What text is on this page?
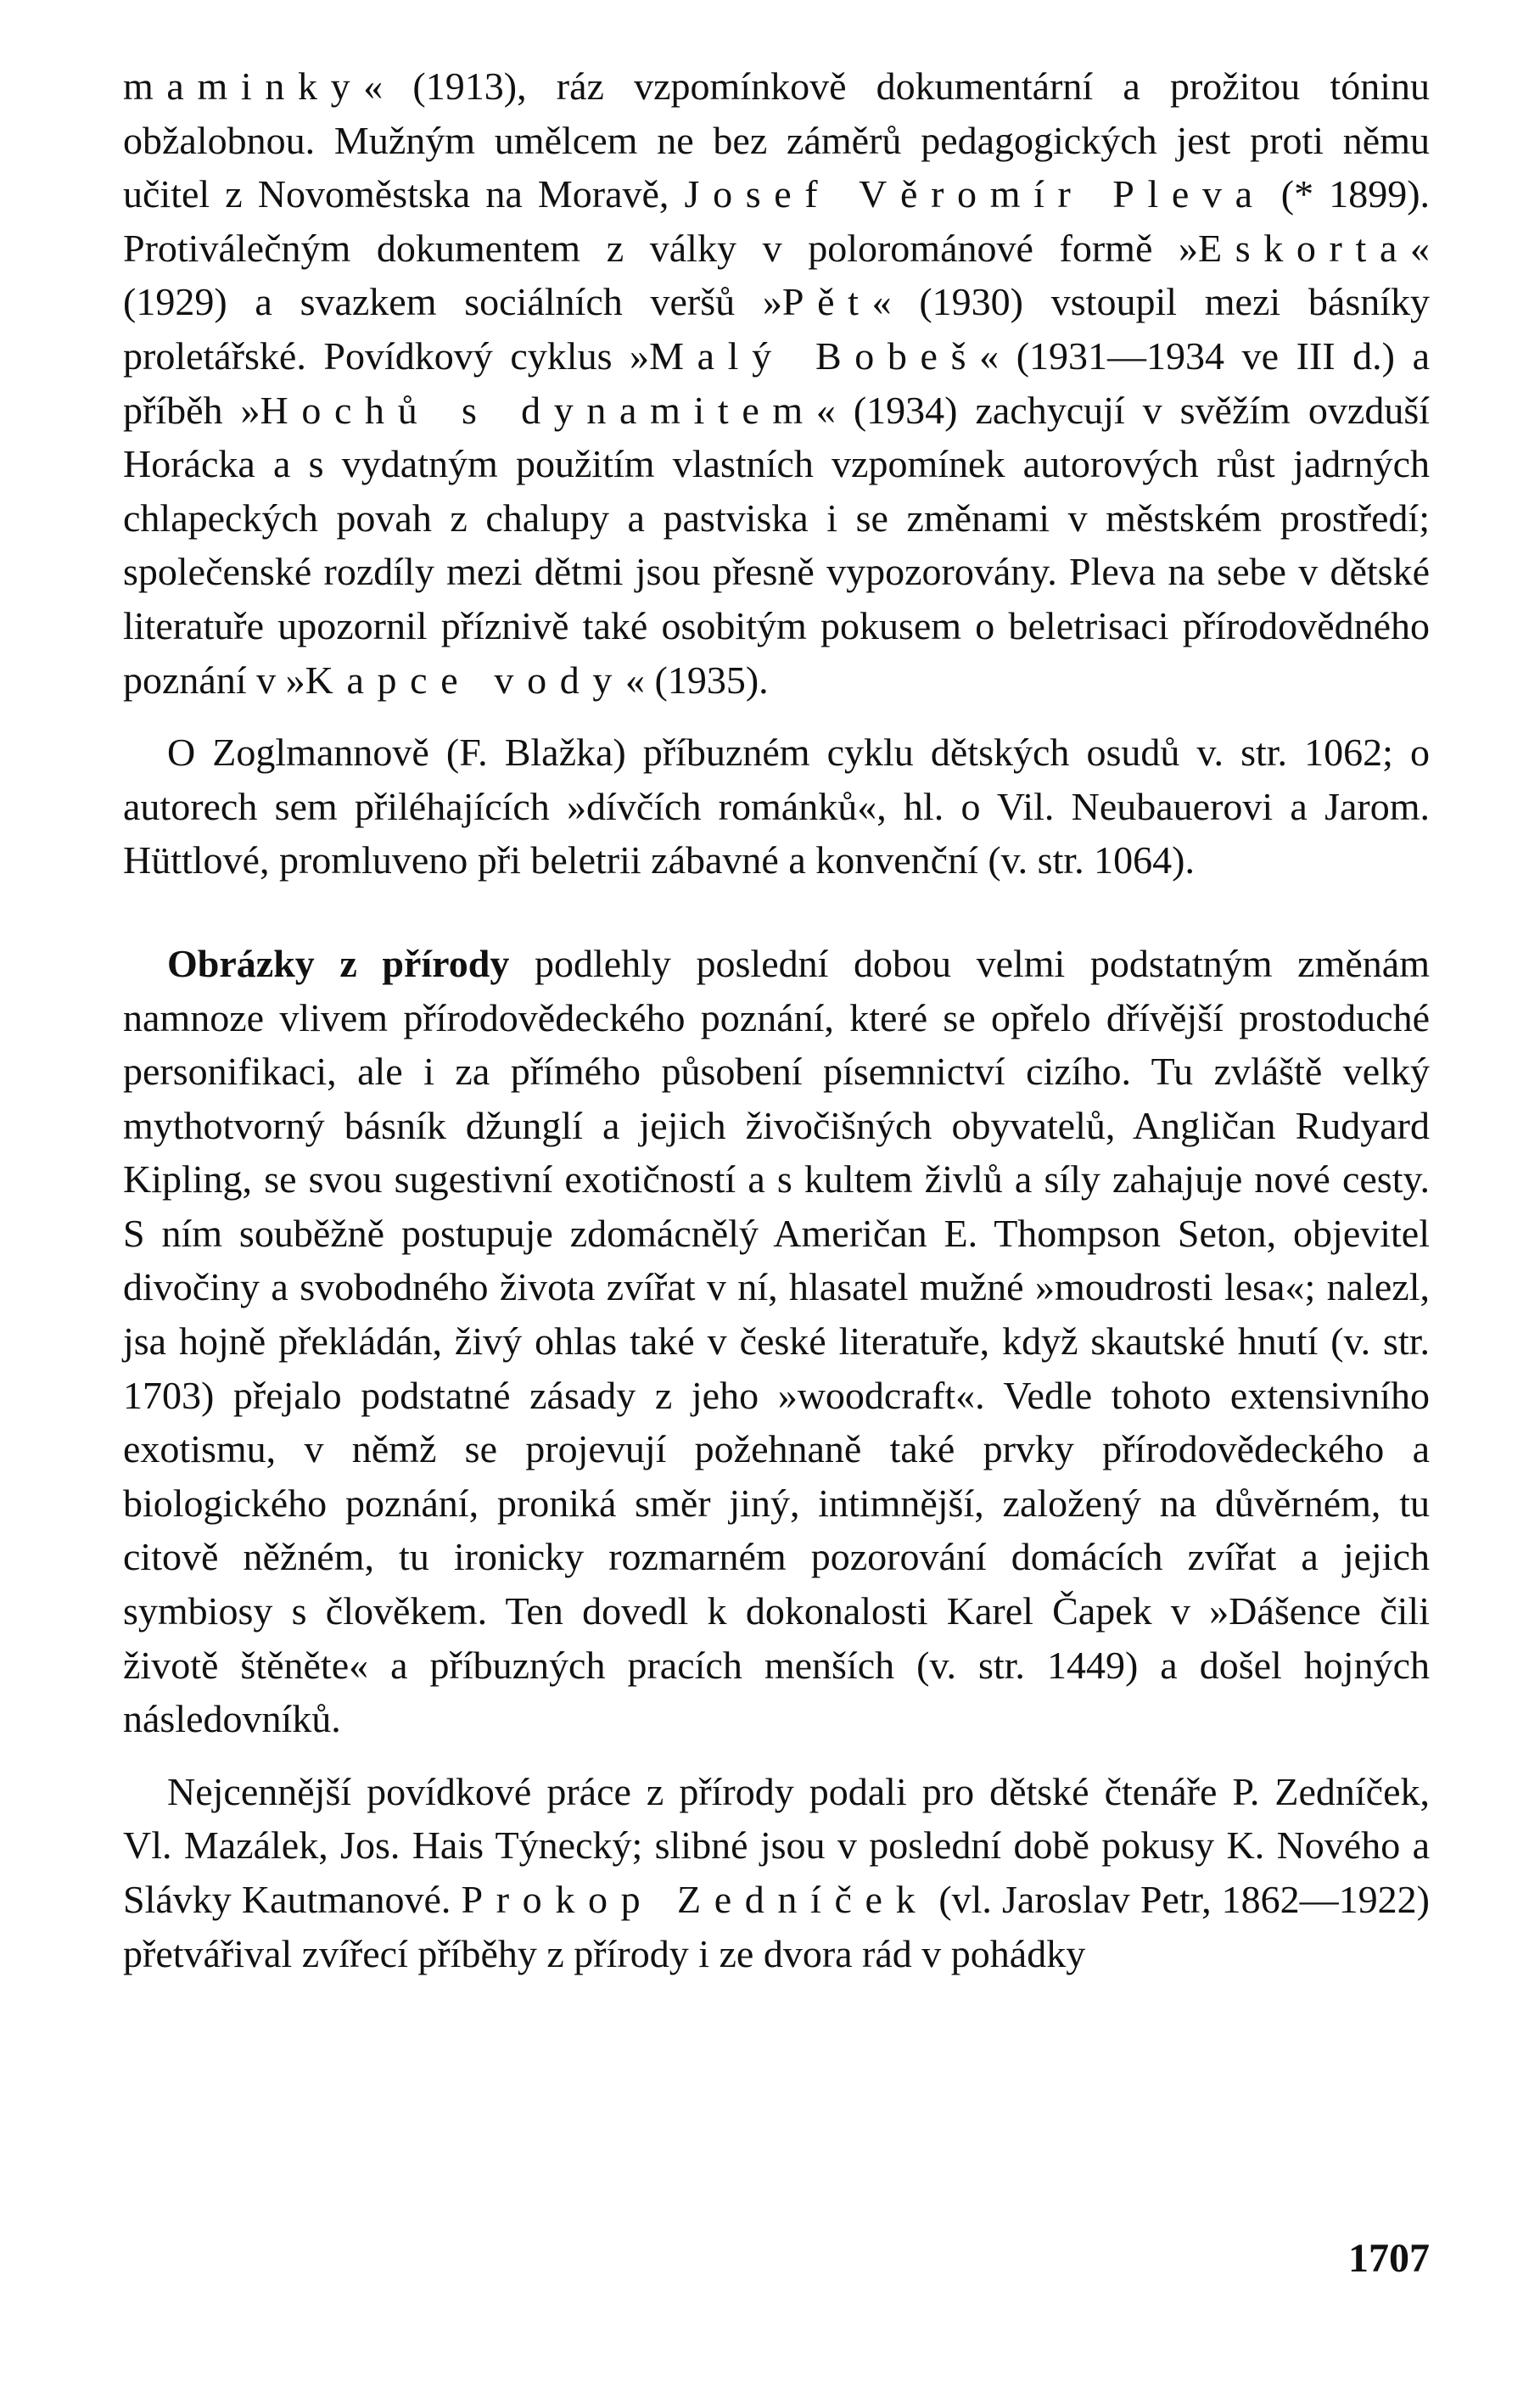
maminky« (1913), ráz vzpomínkově dokumentární a prožitou tóninu obžalobnou. Mužným umělcem ne bez záměrů pedagogických jest proti němu učitel z Novoměstska na Moravě, Josef Věromír Pleva (* 1899). Protiválečným dokumentem z války v polorománové formě »Eskorta« (1929) a svazkem sociálních veršů »Pět« (1930) vstoupil mezi básníky proletářské. Povídkový cyklus »Malý Bobeš« (1931—1934 ve III d.) a příběh »Hochů s dynamitem« (1934) zachycují v svěžím ovzduší Horácka a s vydatným použitím vlastních vzpomínek autorových růst jadrných chlapeckých povah z chalupy a pastviska i se změnami v městském prostředí; společenské rozdíly mezi dětmi jsou přesně vypozorovány. Pleva na sebe v dětské literatuře upozornil příznivě také osobitým pokusem o beletrisaci přírodovědného poznání v »Kapce vody« (1935).

O Zoglmannově (F. Blažka) příbuzném cyklu dětských osudů v. str. 1062; o autorech sem přiléhajících »dívčích románků«, hl. o Vil. Neubauerovi a Jarom. Hüttlové, promluveno při beletrii zábavné a konvenční (v. str. 1064).

Obrázky z přírody podlehly poslední dobou velmi podstatným změnám namnoze vlivem přírodovědeckého poznání, které se opřelo dřívější prostoduché personifikaci, ale i za přímého působení písemnictví cizího. Tu zvláště velký mythotvorný básník džunglí a jejich živočišných obyvatelů, Angličan Rudyard Kipling, se svou sugestivní exotičností a s kultem živlů a síly zahajuje nové cesty. S ním souběžně postupuje zdomácnělý Američan E. Thompson Seton, objevitel divočiny a svobodného života zvířat v ní, hlasatel mužné »moudrosti lesa«; nalezl, jsa hojně překládán, živý ohlas také v české literatuře, když skautské hnutí (v. str. 1703) přejalo podstatné zásady z jeho »woodcraft«. Vedle tohoto extensivního exotismu, v němž se projevují požehnaně také prvky přírodovědeckého a biologického poznání, proniká směr jiný, intimnější, založený na důvěrném, tu citově něžném, tu ironicky rozmarném pozorování domácích zvířat a jejich symbiosy s člověkem. Ten dovedl k dokonalosti Karel Čapek v »Dášence čili životě štěněte« a příbuzných pracích menších (v. str. 1449) a došel hojných následovníků.

Nejcennější povídkové práce z přírody podali pro dětské čtenáře P. Zedníček, Vl. Mazálek, Jos. Hais Týnecký; slibné jsou v poslední době pokusy K. Nového a Slávky Kautmanové. Prokop Zedníček (vl. Jaroslav Petr, 1862—1922) přetvářival zvířecí příběhy z přírody i ze dvora rád v pohádky

1707
